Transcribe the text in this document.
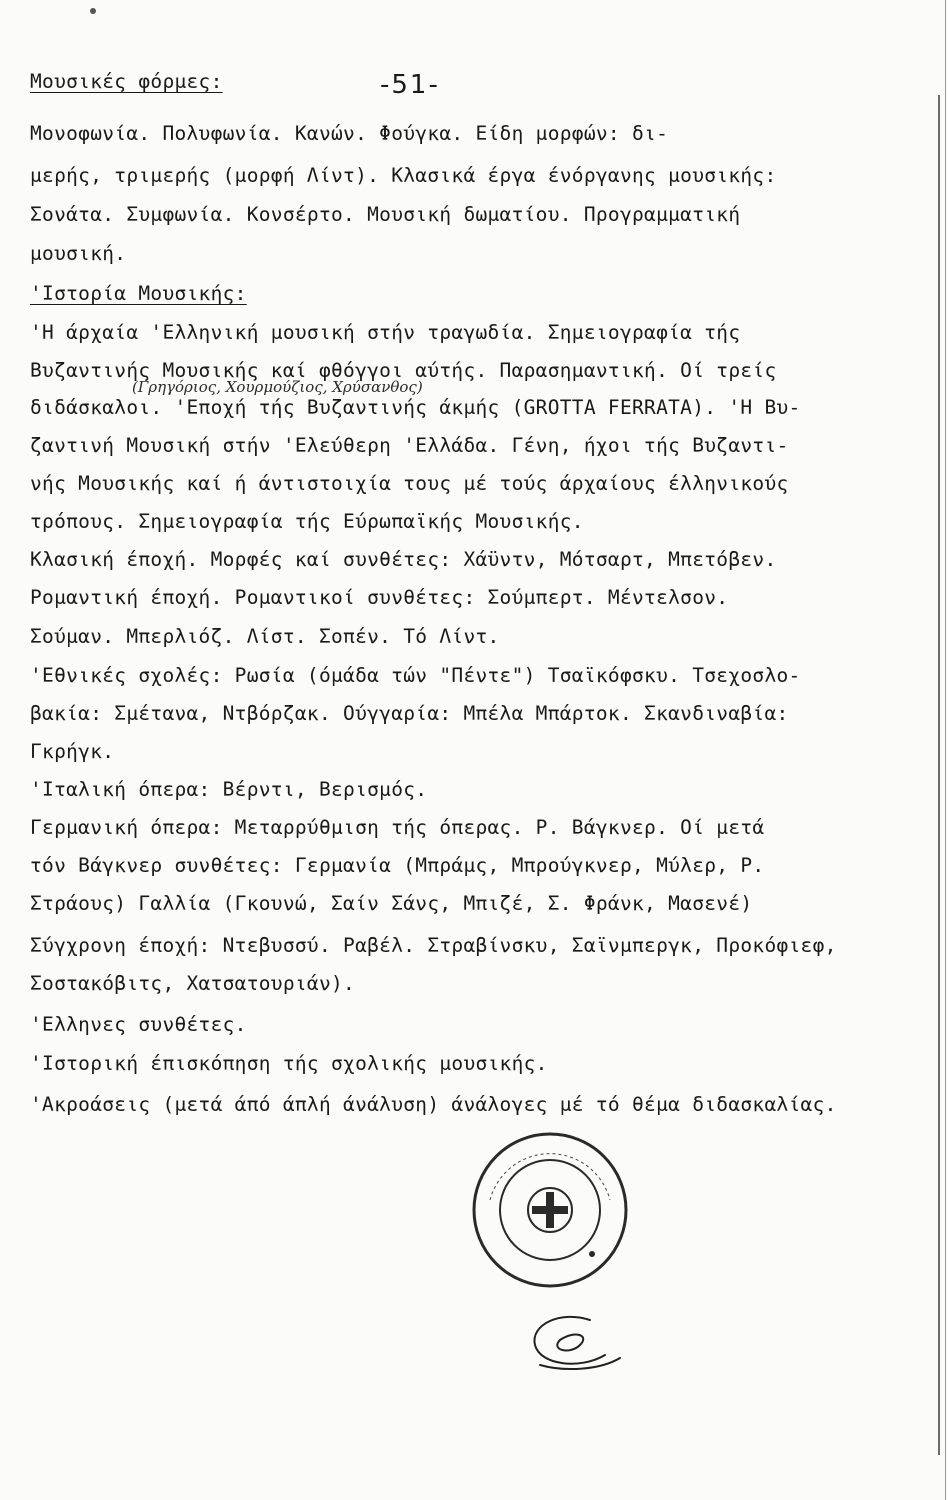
-51-
Μουσικές φόρμες:
Μονοφωνία. Πολυφωνία. Κανών. Φούγκα. Είδη μορφών: δι-
μερής, τριμερής (μορφή Λίντ). Κλασικά έργα ένόργανης μουσικής:
Σονάτα. Συμφωνία. Κονσέρτο. Μουσική δωματίου. Προγραμματική
μουσική.
'Ιστορία Μουσικής:
'Η άρχαία 'Ελληνική μουσική στήν τραγωδία. Σημειογραφία τής
Βυζαντινής Μουσικής καί φθόγγοι αύτής. Παρασημαντική. Οί τρείς
(Γρηγόριος, Χουρμούζιος, Χρύσανθος)
διδάσκαλοι. 'Εποχή τής Βυζαντινής άκμής (GROTTA FERRATA). 'Η Βυ-
ζαντινή Μουσική στήν 'Ελεύθερη 'Ελλάδα. Γένη, ήχοι τής Βυζαντι-
νής Μουσικής καί ή άντιστοιχία τους μέ τούς άρχαίους έλληνικούς
τρόπους. Σημειογραφία τής Εύρωπαϊκής Μουσικής.
Κλασική έποχή. Μορφές καί συνθέτες: Χάϋντν, Μότσαρτ, Μπετόβεν.
Ρομαντική έποχή. Ρομαντικοί συνθέτες: Σούμπερτ. Μέντελσον.
Σούμαν. Μπερλιόζ. Λίστ. Σοπέν. Τό Λίντ.
'Εθνικές σχολές: Ρωσία (όμάδα τών "Πέντε") Τσαϊκόφσκυ. Τσεχοσλο-
βακία: Σμέτανα, Ντβόρζακ. Ούγγαρία: Μπέλα Μπάρτοκ. Σκανδιναβία:
Γκρήγκ.
'Ιταλική όπερα: Βέρντι, Βερισμός.
Γερμανική όπερα: Μεταρρύθμιση τής όπερας. Ρ. Βάγκνερ. Οί μετά
τόν Βάγκνερ συνθέτες: Γερμανία (Μπράμς, Μπρούγκνερ, Μύλερ, Ρ.
Στράους) Γαλλία (Γκουνώ, Σαίν Σάνς, Μπιζέ, Σ. Φράνκ, Μασενέ)
Σύγχρονη έποχή: Ντεβυσσύ. Ραβέλ. Στραβίνσκυ, Σαϊνμπεργκ, Προκόφιεφ,
Σοστακόβιτς, Χατσατουριάν).
'Ελληνες συνθέτες.
'Ιστορική έπισκόπηση τής σχολικής μουσικής.
'Ακροάσεις (μετά άπό άπλή άνάλυση) άνάλογες μέ τό θέμα διδασκαλίας.
